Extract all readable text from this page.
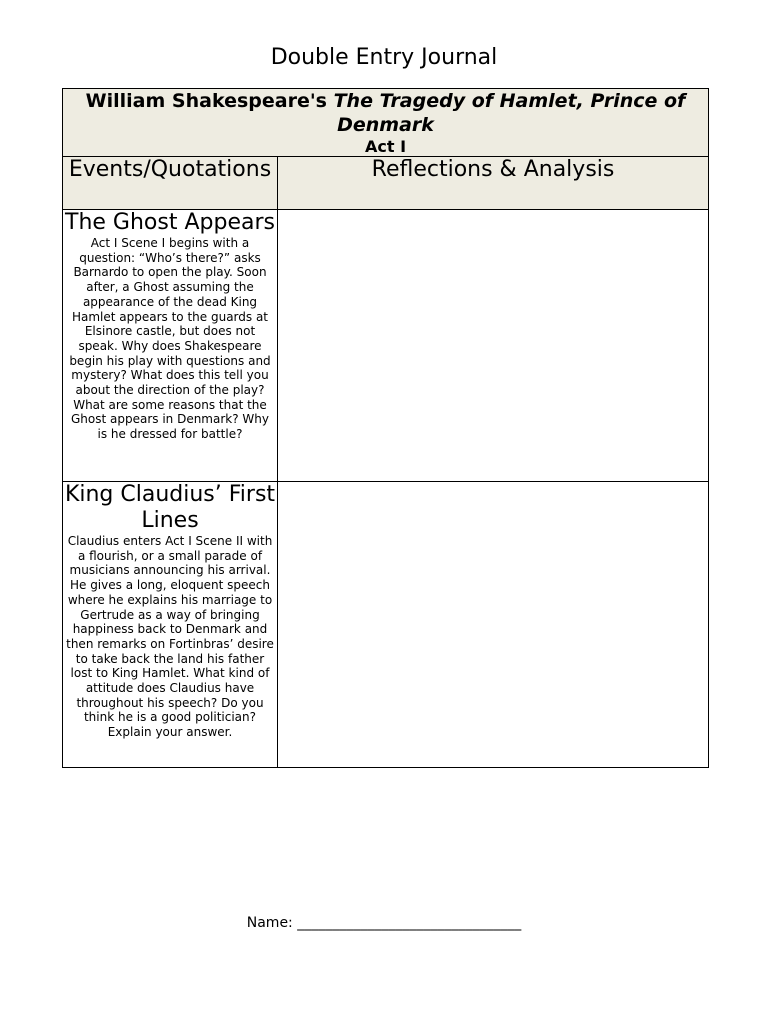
Double Entry Journal
William Shakespeare's The Tragedy of Hamlet, Prince of Denmark
Act I	

Events/Quotations	Reflections & Analysis

The Ghost Appears
Act I Scene I begins with a question: “Who’s there?” asks Barnardo to open the play. Soon after, a Ghost assuming the appearance of the dead King Hamlet appears to the guards at Elsinore castle, but does not speak. Why does Shakespeare begin his play with questions and mystery? What does this tell you about the direction of the play? What are some reasons that the Ghost appears in Denmark? Why is he dressed for battle?	

King Claudius’ First Lines
Claudius enters Act I Scene II with a flourish, or a small parade of musicians announcing his arrival. He gives a long, eloquent speech where he explains his marriage to Gertrude as a way of bringing happiness back to Denmark and then remarks on Fortinbras’ desire to take back the land his father lost to King Hamlet. What kind of attitude does Claudius have throughout his speech? Do you think he is a good politician? Explain your answer.	

Name: ________________________________
